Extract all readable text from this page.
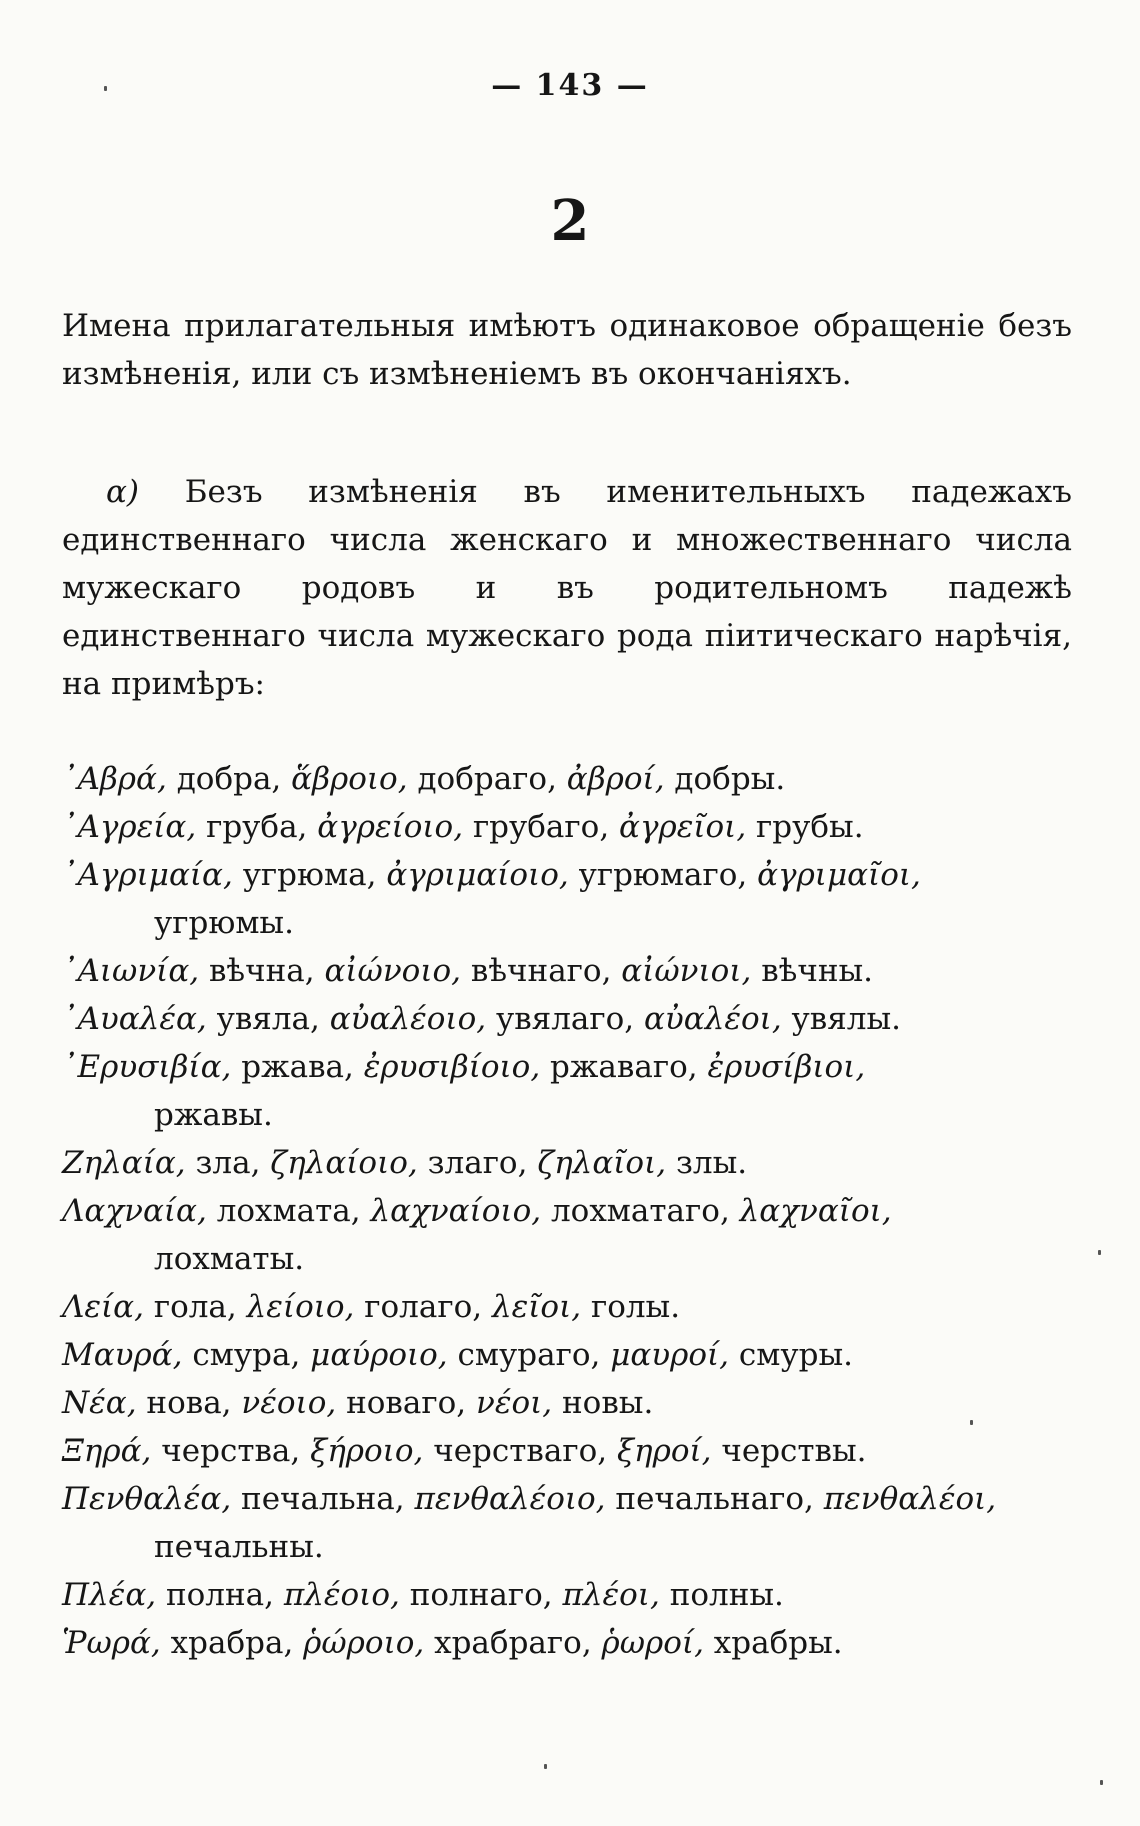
— 143 —
2
Имена прилагательныя имѣютъ одинаковое обращеніе безъ измѣненія, или съ измѣненіемъ въ окончаніяхъ.
α) Безъ измѣненія въ именительныхъ падежахъ единственнаго числа женскаго и множественнаго числа мужескаго родовъ и въ родительномъ падежѣ единственнаго числа мужескаго рода піитическаго нарѣчія, на примѣръ:
᾽Αβρά, добра, ἅβροιο, добраго, ἀβροί, добры.
᾽Αγρεία, груба, ἀγρείοιο, грубаго, ἀγρεῖοι, грубы.
᾽Αγριμαία, угрюма, ἀγριμαίοιο, угрюмаго, ἀγριμαῖοι,
угрюмы.
᾽Αιωνία, вѣчна, αἰώνοιο, вѣчнаго, αἰώνιοι, вѣчны.
᾽Αυαλέα, увяла, αὐαλέοιο, увялаго, αὐαλέοι, увялы.
᾽Ερυσιβία, ржава, ἐρυσιβίοιο, ржаваго, ἐρυσίβιοι,
ржавы.
Ζηλαία, зла, ζηλαίοιο, злаго, ζηλαῖοι, злы.
Λαχναία, лохмата, λαχναίοιο, лохматаго, λαχναῖοι,
лохматы.
Λεία, гола, λείοιο, голаго, λεῖοι, голы.
Μαυρά, смура, μαύροιο, смураго, μαυροί, смуры.
Νέα, нова, νέοιο, новаго, νέοι, новы.
Ξηρά, черства, ξήροιο, черстваго, ξηροί, черствы.
Πενθαλέα, печальна, πενθαλέοιο, печальнаго, πενθαλέοι,
печальны.
Πλέα, полна, πλέοιο, полнаго, πλέοι, полны.
Ῥωρά, храбра, ῥώροιο, храбраго, ῥωροί, храбры.
